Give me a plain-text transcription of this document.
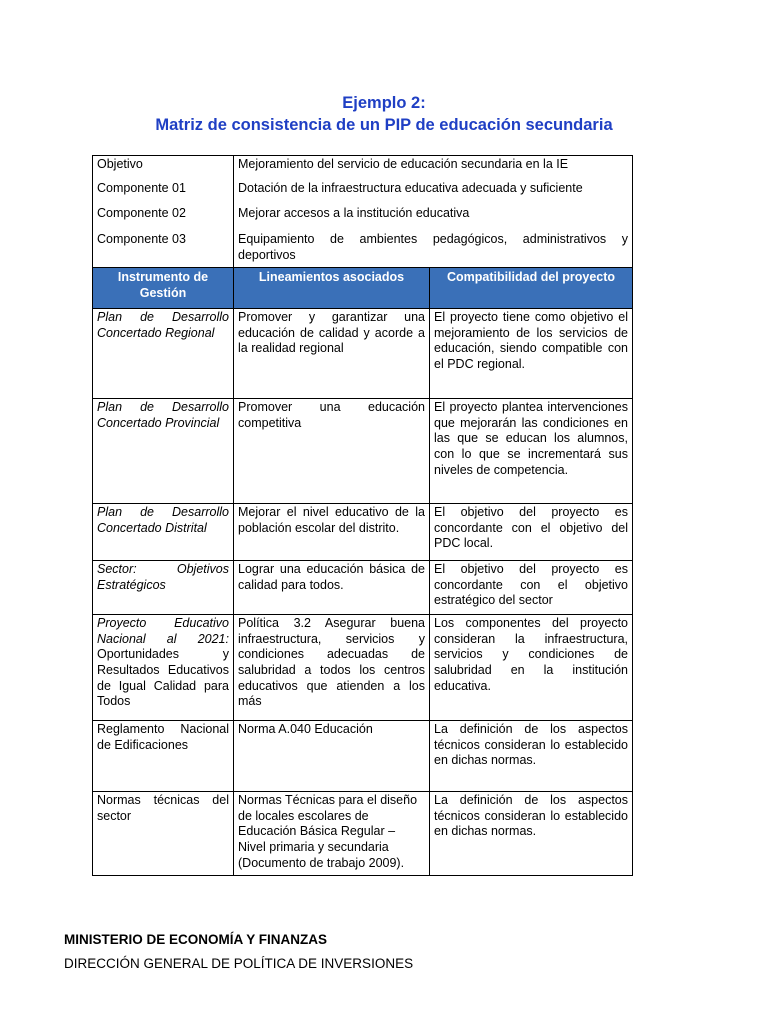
Ejemplo 2:
Matriz de consistencia de un PIP de educación secundaria
Objetivo	Mejoramiento del servicio de educación secundaria en la IE	
Componente 01	Dotación de la infraestructura educativa adecuada y suficiente	
Componente 02	Mejorar accesos a la institución educativa	
Componente 03	Equipamiento de ambientes pedagógicos, administrativos y deportivos	
Instrumento de Gestión	Lineamientos asociados	Compatibilidad del proyecto
Plan de Desarrollo Concertado Regional	Promover y garantizar una educación de calidad y acorde a la realidad regional	El proyecto tiene como objetivo el mejoramiento de los servicios de educación, siendo compatible con el PDC regional.
Plan de Desarrollo Concertado Provincial	Promover una educación competitiva	El proyecto plantea intervenciones que mejorarán las condiciones en las que se educan los alumnos, con lo que se incrementará sus niveles de competencia.
Plan de Desarrollo Concertado Distrital	Mejorar el nivel educativo de la población escolar del distrito.	El objetivo del proyecto es concordante con el objetivo del PDC local.
Sector: Objetivos Estratégicos	Lograr una educación básica de calidad para todos.	El objetivo del proyecto es concordante con el objetivo estratégico del sector
Proyecto Educativo Nacional al 2021: Oportunidades y Resultados Educativos de Igual Calidad para Todos	Política 3.2 Asegurar buena infraestructura, servicios y condiciones adecuadas de salubridad a todos los centros educativos que atienden a los más	Los componentes del proyecto consideran la infraestructura, servicios y condiciones de salubridad en la institución educativa.
Reglamento Nacional de Edificaciones	Norma A.040 Educación	La definición de los aspectos técnicos consideran lo establecido en dichas normas.
Normas técnicas del sector	Normas Técnicas para el diseño de locales escolares de Educación Básica Regular – Nivel primaria y secundaria (Documento de trabajo 2009).	La definición de los aspectos técnicos consideran lo establecido en dichas normas.
MINISTERIO DE ECONOMÍA Y FINANZAS
DIRECCIÓN GENERAL DE POLÍTICA DE INVERSIONES
